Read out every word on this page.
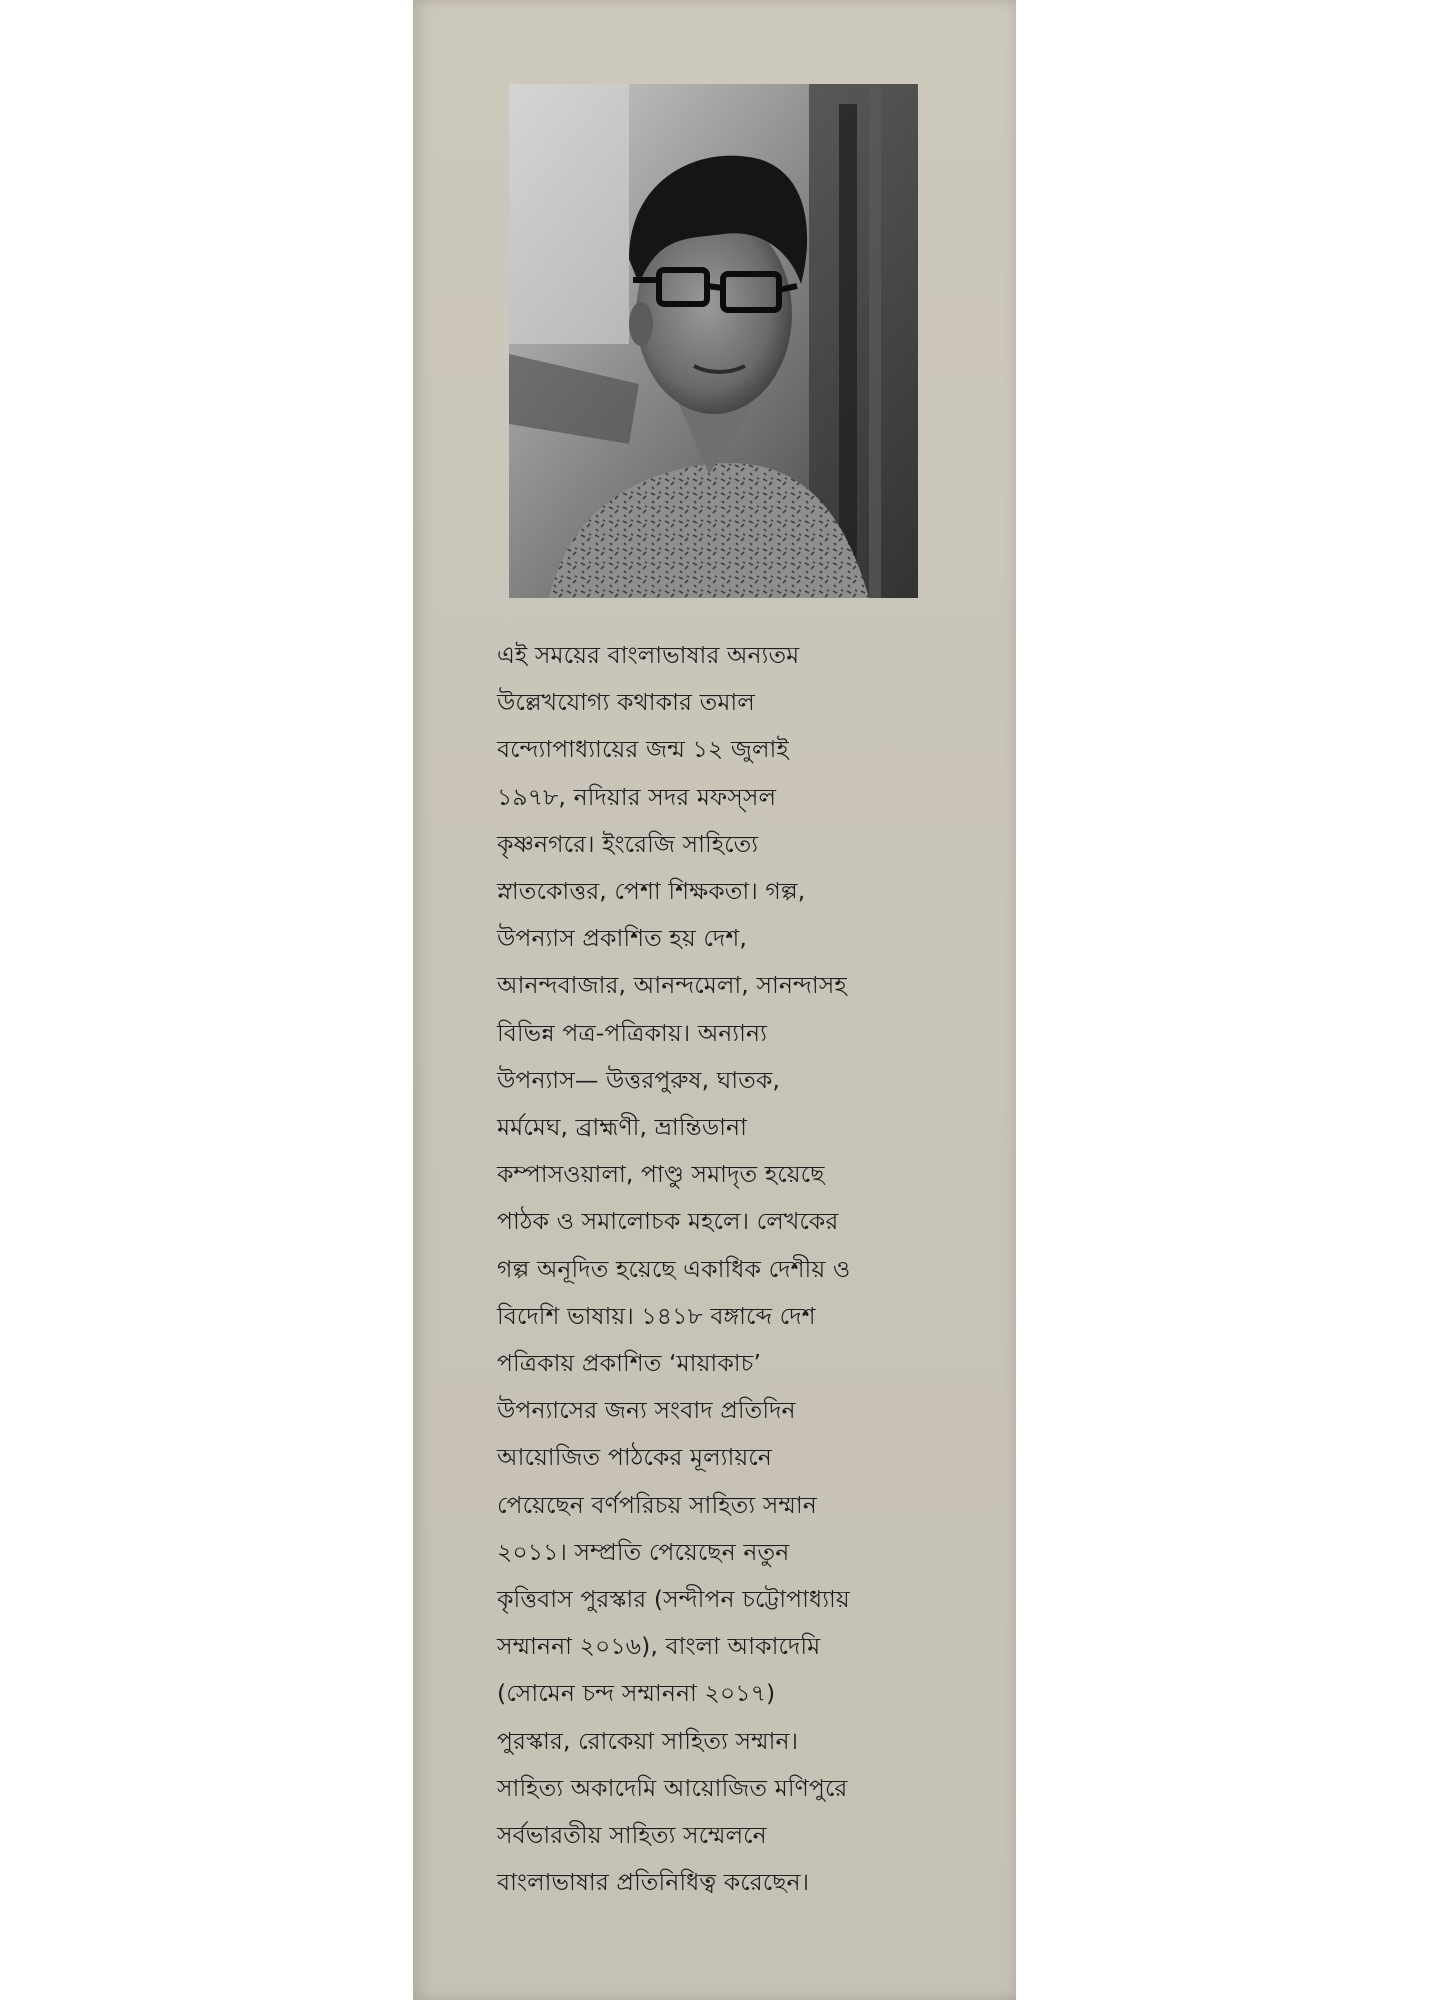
এই সময়ের বাংলাভাষার অন্যতম
উল্লেখযোগ্য কথাকার তমাল
বন্দ্যোপাধ্যায়ের জন্ম ১২ জুলাই
১৯৭৮, নদিয়ার সদর মফস্‌সল
কৃষ্ণনগরে। ইংরেজি সাহিত্যে
স্নাতকোত্তর, পেশা শিক্ষকতা। গল্প,
উপন্যাস প্রকাশিত হয় দেশ,
আনন্দবাজার, আনন্দমেলা, সানন্দাসহ
বিভিন্ন পত্র-পত্রিকায়। অন্যান্য
উপন্যাস— উত্তরপুরুষ, ঘাতক,
মর্মমেঘ, ব্রাহ্মণী, ভ্রান্তিডানা
কম্পাসওয়ালা, পাণ্ডু সমাদৃত হয়েছে
পাঠক ও সমালোচক মহলে। লেখকের
গল্প অনূদিত হয়েছে একাধিক দেশীয় ও
বিদেশি ভাষায়। ১৪১৮ বঙ্গাব্দে দেশ
পত্রিকায় প্রকাশিত ‘মায়াকাচ’
উপন্যাসের জন্য সংবাদ প্রতিদিন
আয়োজিত পাঠকের মূল্যায়নে
পেয়েছেন বর্ণপরিচয় সাহিত্য সম্মান
২০১১। সম্প্রতি পেয়েছেন নতুন
কৃত্তিবাস পুরস্কার (সন্দীপন চট্টোপাধ্যায়
সম্মাননা ২০১৬), বাংলা আকাদেমি
(সোমেন চন্দ সম্মাননা ২০১৭)
পুরস্কার, রোকেয়া সাহিত্য সম্মান।
সাহিত্য অকাদেমি আয়োজিত মণিপুরে
সর্বভারতীয় সাহিত্য সম্মেলনে
বাংলাভাষার প্রতিনিধিত্ব করেছেন।
